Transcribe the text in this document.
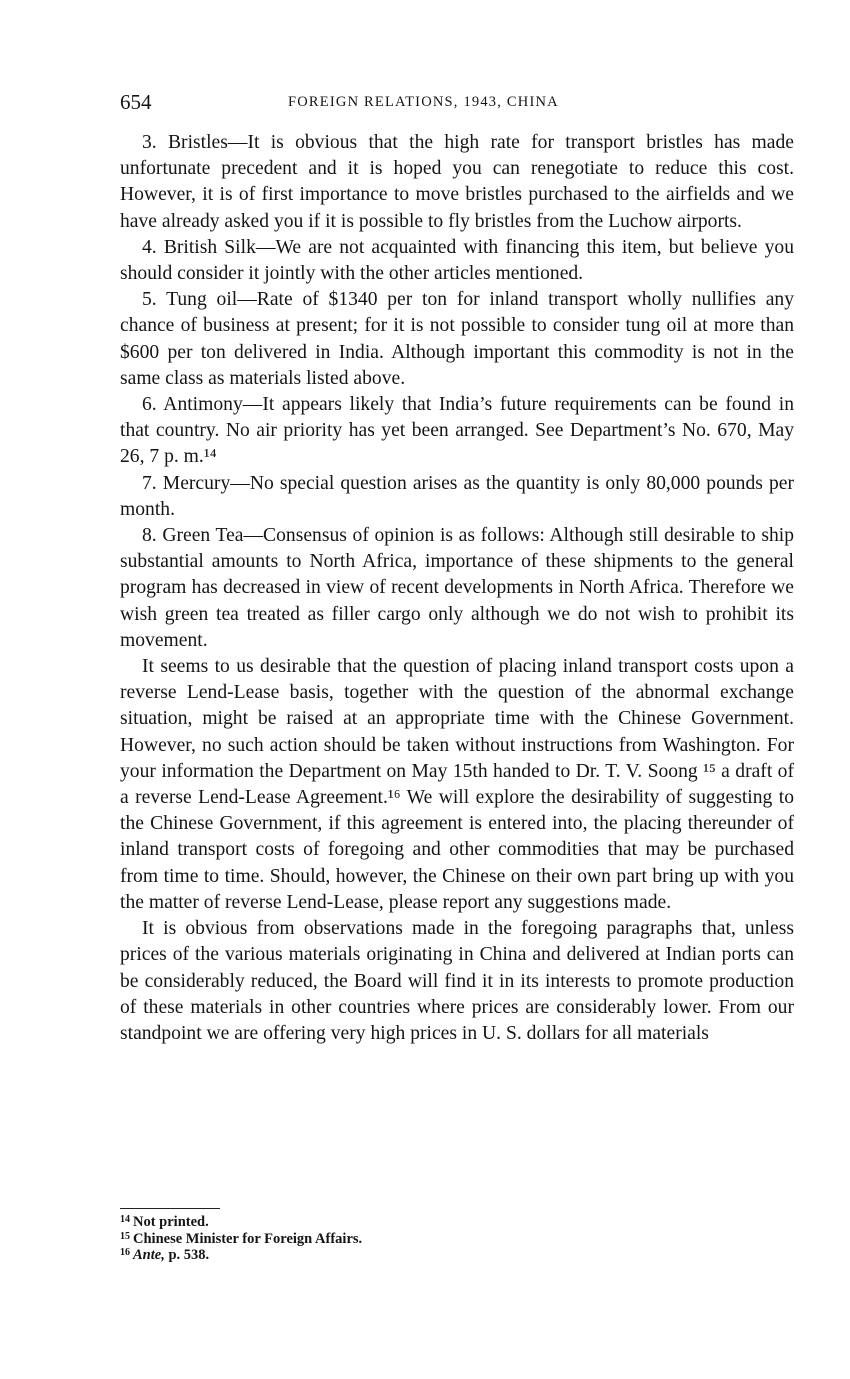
654	FOREIGN RELATIONS, 1943, CHINA

3. Bristles—It is obvious that the high rate for transport bristles has made unfortunate precedent and it is hoped you can renegotiate to reduce this cost. However, it is of first importance to move bristles purchased to the airfields and we have already asked you if it is possible to fly bristles from the Luchow airports.

4. British Silk—We are not acquainted with financing this item, but believe you should consider it jointly with the other articles mentioned.

5. Tung oil—Rate of $1340 per ton for inland transport wholly nullifies any chance of business at present; for it is not possible to consider tung oil at more than $600 per ton delivered in India. Although important this commodity is not in the same class as materials listed above.

6. Antimony—It appears likely that India’s future requirements can be found in that country. No air priority has yet been arranged. See Department’s No. 670, May 26, 7 p. m.¹⁴

7. Mercury—No special question arises as the quantity is only 80,000 pounds per month.

8. Green Tea—Consensus of opinion is as follows: Although still desirable to ship substantial amounts to North Africa, importance of these shipments to the general program has decreased in view of recent developments in North Africa. Therefore we wish green tea treated as filler cargo only although we do not wish to prohibit its movement.

It seems to us desirable that the question of placing inland transport costs upon a reverse Lend-Lease basis, together with the question of the abnormal exchange situation, might be raised at an appropriate time with the Chinese Government. However, no such action should be taken without instructions from Washington. For your information the Department on May 15th handed to Dr. T. V. Soong ¹⁵ a draft of a reverse Lend-Lease Agreement.¹⁶ We will explore the desirability of suggesting to the Chinese Government, if this agreement is entered into, the placing thereunder of inland transport costs of foregoing and other commodities that may be purchased from time to time. Should, however, the Chinese on their own part bring up with you the matter of reverse Lend-Lease, please report any suggestions made.

It is obvious from observations made in the foregoing paragraphs that, unless prices of the various materials originating in China and delivered at Indian ports can be considerably reduced, the Board will find it in its interests to promote production of these materials in other countries where prices are considerably lower. From our standpoint we are offering very high prices in U. S. dollars for all materials

14 Not printed.
15 Chinese Minister for Foreign Affairs.
16 Ante, p. 538.
